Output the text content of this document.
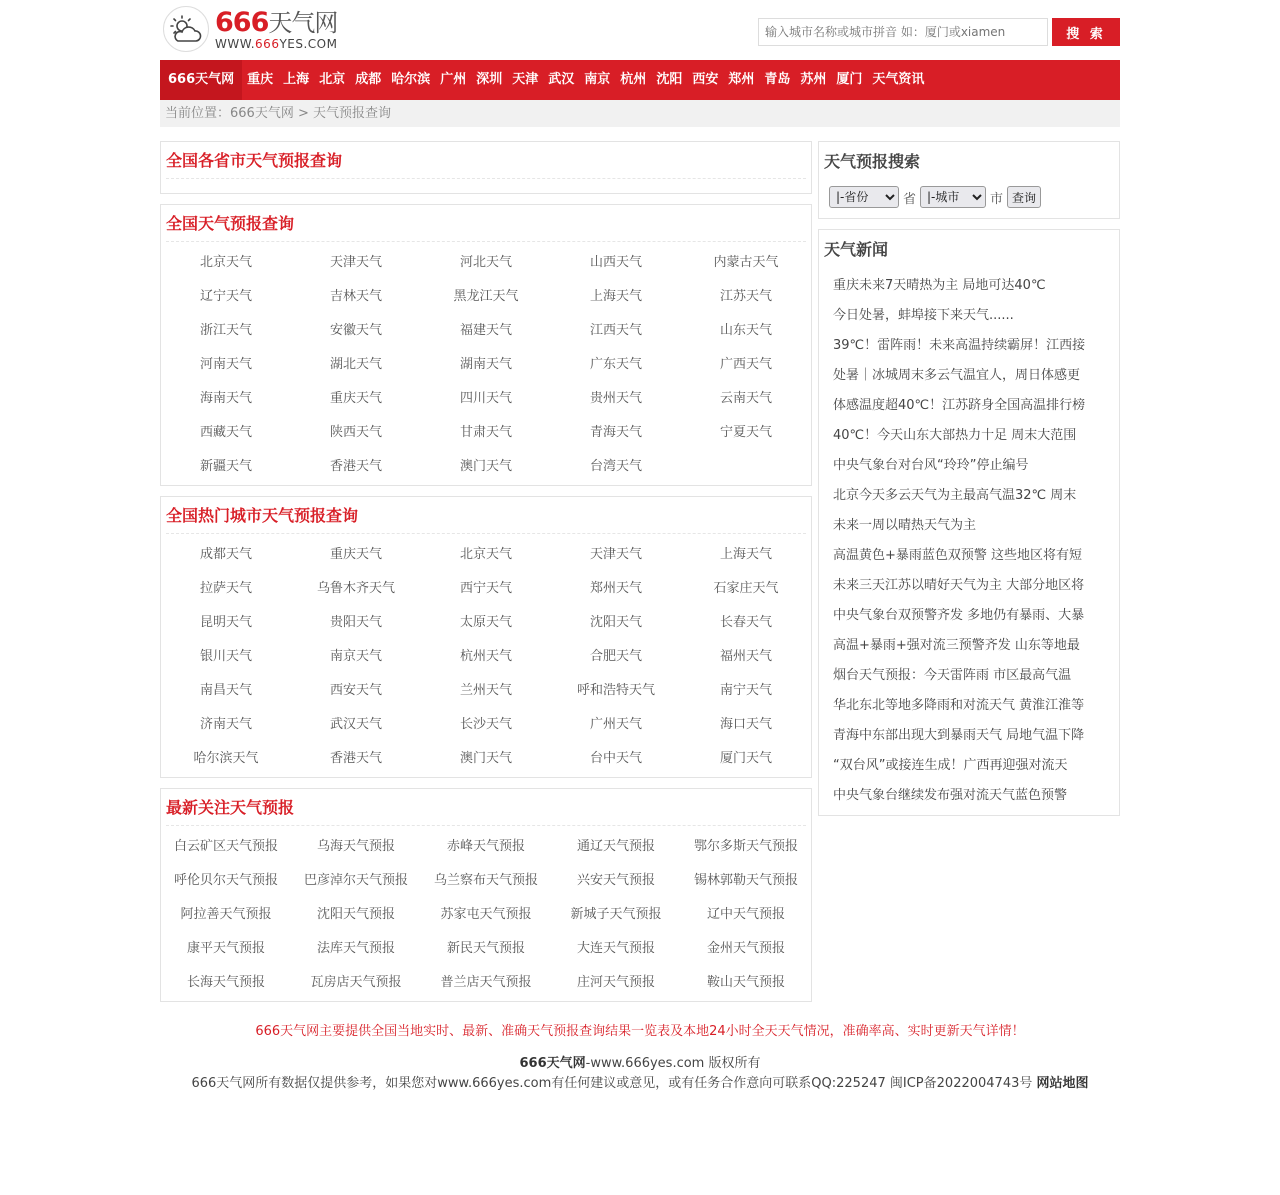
666天气网
WWW.666YES.COM
输入城市名称或城市拼音 如：厦门或xiamen
搜 索
666天气网	重庆 上海 北京 成都 哈尔滨 广州 深圳 天津 武汉 南京 杭州 沈阳 西安 郑州 青岛 苏州 厦门 天气资讯
当前位置：666天气网 > 天气预报查询
全国各省市天气预报查询
全国天气预报查询
北京天气	天津天气	河北天气	山西天气	内蒙古天气
辽宁天气	吉林天气	黑龙江天气	上海天气	江苏天气
浙江天气	安徽天气	福建天气	江西天气	山东天气
河南天气	湖北天气	湖南天气	广东天气	广西天气
海南天气	重庆天气	四川天气	贵州天气	云南天气
西藏天气	陕西天气	甘肃天气	青海天气	宁夏天气
新疆天气	香港天气	澳门天气	台湾天气
全国热门城市天气预报查询
成都天气	重庆天气	北京天气	天津天气	上海天气
拉萨天气	乌鲁木齐天气	西宁天气	郑州天气	石家庄天气
昆明天气	贵阳天气	太原天气	沈阳天气	长春天气
银川天气	南京天气	杭州天气	合肥天气	福州天气
南昌天气	西安天气	兰州天气	呼和浩特天气	南宁天气
济南天气	武汉天气	长沙天气	广州天气	海口天气
哈尔滨天气	香港天气	澳门天气	台中天气	厦门天气
最新关注天气预报
白云矿区天气预报	乌海天气预报	赤峰天气预报	通辽天气预报	鄂尔多斯天气预报
呼伦贝尔天气预报	巴彦淖尔天气预报	乌兰察布天气预报	兴安天气预报	锡林郭勒天气预报
阿拉善天气预报	沈阳天气预报	苏家屯天气预报	新城子天气预报	辽中天气预报
康平天气预报	法库天气预报	新民天气预报	大连天气预报	金州天气预报
长海天气预报	瓦房店天气预报	普兰店天气预报	庄河天气预报	鞍山天气预报
天气预报搜索
|-省份
省
|-城市	市 查询
天气新闻
重庆未来7天晴热为主 局地可达40℃
今日处暑，蚌埠接下来天气......
39℃！雷阵雨！未来高温持续霸屏！江西接
处暑｜冰城周末多云气温宜人，周日体感更
体感温度超40℃！江苏跻身全国高温排行榜
40℃！今天山东大部热力十足 周末大范围
中央气象台对台风“玲玲”停止编号
北京今天多云天气为主最高气温32℃ 周末
未来一周以晴热天气为主
高温黄色+暴雨蓝色双预警 这些地区将有短
未来三天江苏以晴好天气为主 大部分地区将
中央气象台双预警齐发 多地仍有暴雨、大暴
高温+暴雨+强对流三预警齐发 山东等地最
烟台天气预报：今天雷阵雨 市区最高气温
华北东北等地多降雨和对流天气 黄淮江淮等
青海中东部出现大到暴雨天气 局地气温下降
“双台风”或接连生成！广西再迎强对流天
中央气象台继续发布强对流天气蓝色预警
666天气网主要提供全国当地实时、最新、准确天气预报查询结果一览表及本地24小时全天天气情况，准确率高、实时更新天气详情！
666天气网-www.666yes.com 版权所有
666天气网所有数据仅提供参考，如果您对www.666yes.com有任何建议或意见，或有任务合作意向可联系QQ:225247 闽ICP备2022004743号 网站地图
